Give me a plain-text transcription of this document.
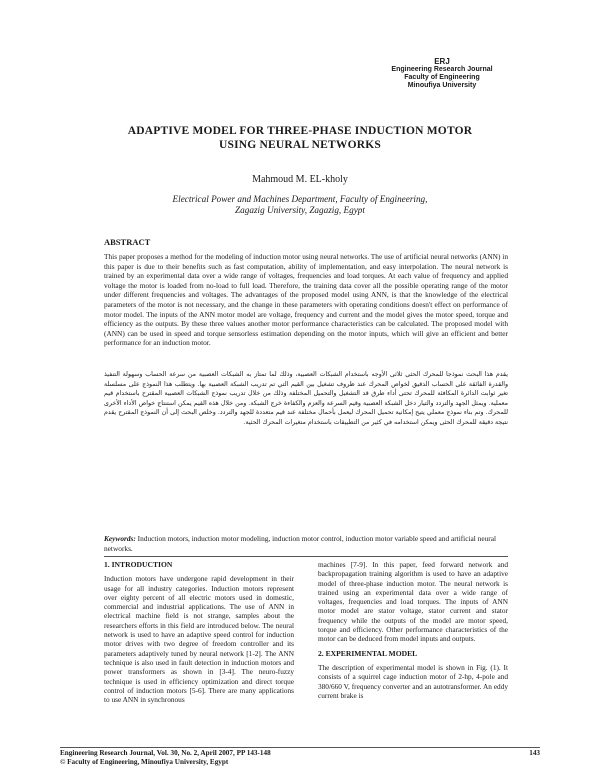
ERJ
Engineering Research Journal
Faculty of Engineering
Minoufiya University
ADAPTIVE MODEL FOR THREE-PHASE INDUCTION MOTOR
USING NEURAL NETWORKS
Mahmoud M. EL-kholy
Electrical Power and Machines Department, Faculty of Engineering,
Zagazig University, Zagazig, Egypt
ABSTRACT
This paper proposes a method for the modeling of induction motor using neural networks. The use of artificial neural networks (ANN) in this paper is due to their benefits such as fast computation, ability of implementation, and easy interpolation. The neural network is trained by an experimental data over a wide range of voltages, frequencies and load torques. At each value of frequency and applied voltage the motor is loaded from no-load to full load. Therefore, the training data cover all the possible operating range of the motor under different frequencies and voltages. The advantages of the proposed model using ANN, is that the knowledge of the electrical parameters of the motor is not necessary, and the change in these parameters with operating conditions doesn't effect on performance of motor model. The inputs of the ANN motor model are voltage, frequency and current and the model gives the motor speed, torque and efficiency as the outputs. By these three values another motor performance characteristics can be calculated. The proposed model with (ANN) can be used in speed and torque sensorless estimation depending on the motor inputs, which will give an efficient and better performance for an induction motor.
يقدم هذا البحث نموذجا للمحرك الحثى ثلاثى الأوجه باستخدام الشبكات العصبية، وذلك لما تمتاز به الشبكات العصبية من سرعة الحساب وسهولة التنفيذ والقدرة الفائقة على الحساب الدقيق لخواص المحرك عند ظروف تشغيل بين القيم التي تم تدريب الشبكة العصبية بها. ويتطلب هذا النموذج على مسلسلة تغير ثوابت الدائرة المكافئة للمحرك تحتى أداء طرق قد التشغيل والتحميل المختلفة وذلك من خلال تدريب نموذج الشبكات العصبية المقترح باستخدام قيم معملية. ويمثل الجهد والتردد والتيار دخل الشبكة العصبية وقيم السرعة والعزم والكفاءة خرج الشبكة. ومن خلال هذه القيم يمكن استنتاج خواص الأداء الأخرى للمحرك. وتم بناء نموذج معملي يتيح إمكانية تحميل المحرك ليعمل بأحمال مختلفة عند قيم متعددة للجهد والتردد. وخلص البحث إلى أن النموذج المقترح يقدم نتيجة دقيقة للمحرك الحثى ويمكن استخدامه في كثير من التطبيقات باستخدام متغيرات المحرك الحثية.
Keywords: Induction motors, induction motor modeling, induction motor control, induction motor variable speed and artificial neural networks.
1. INTRODUCTION

Induction motors have undergone rapid development in their usage for all industry categories. Induction motors represent over eighty percent of all electric motors used in domestic, commercial and industrial applications. The use of ANN in electrical machine field is not strange, samples about the researchers efforts in this field are introduced below. The neural network is used to have an adaptive speed control for induction motor drives with two degree of freedom controller and its parameters adaptively tuned by neural network [1-2]. The ANN technique is also used in fault detection in induction motors and power transformers as shown in [3-4]. The neuro-fuzzy technique is used in efficiency optimization and direct torque control of induction motors [5-6]. There are many applications to use ANN in synchronous

machines [7-9]. In this paper, feed forward network and backpropagation training algorithm is used to have an adaptive model of three-phase induction motor. The neural network is trained using an experimental data over a wide range of voltages, frequencies and load torques. The inputs of ANN motor model are stator voltage, stator current and stator frequency while the outputs of the model are motor speed, torque and efficiency. Other performance characteristics of the motor can be deduced from model inputs and outputs.

2. EXPERIMENTAL MODEL

The description of experimental model is shown in Fig. (1). It consists of a squirrel cage induction motor of 2-hp, 4-pole and 380/660 V, frequency converter and an autotransformer. An eddy current brake is

Engineering Research Journal, Vol. 30, No. 2, April 2007, PP 143-148
© Faculty of Engineering, Minoufiya University, Egypt
143
